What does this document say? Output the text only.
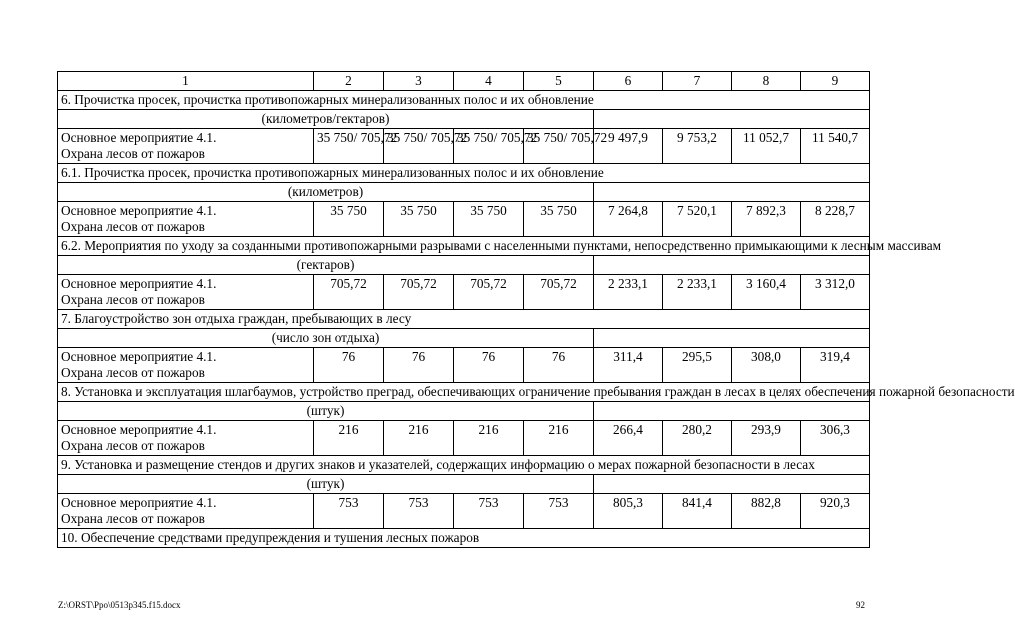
1	2	3	4	5	6	7	8	9
6. Прочистка просек, прочистка противопожарных минерализованных полос и их обновление								
(километров/гектаров)								
Основное мероприятие 4.1.
Охрана лесов от пожаров	35 750/ 705,72	35 750/ 705,72	35 750/ 705,72	35 750/ 705,72	9 497,9	9 753,2	11 052,7	11 540,7
6.1. Прочистка просек, прочистка противопожарных минерализованных полос и их обновление								
(километров)								
Основное мероприятие 4.1.
Охрана лесов от пожаров	35 750	35 750	35 750	35 750	7 264,8	7 520,1	7 892,3	8 228,7
6.2. Мероприятия по уходу за созданными противопожарными разрывами с населенными пунктами, непосредственно примыкающими к лесным массивам								
(гектаров)								
Основное мероприятие 4.1.
Охрана лесов от пожаров	705,72	705,72	705,72	705,72	2 233,1	2 233,1	3 160,4	3 312,0
7. Благоустройство зон отдыха граждан, пребывающих в лесу								
(число зон отдыха)								
Основное мероприятие 4.1.
Охрана лесов от пожаров	76	76	76	76	311,4	295,5	308,0	319,4
8. Установка и эксплуатация шлагбаумов, устройство преград, обеспечивающих ограничение пребывания граждан в лесах в целях обеспечения пожарной безопасности								
(штук)								
Основное мероприятие 4.1.
Охрана лесов от пожаров	216	216	216	216	266,4	280,2	293,9	306,3
9. Установка и размещение стендов и других знаков и указателей, содержащих информацию о мерах пожарной безопасности в лесах								
(штук)								
Основное мероприятие 4.1.
Охрана лесов от пожаров	753	753	753	753	805,3	841,4	882,8	920,3
10. Обеспечение средствами предупреждения и тушения лесных пожаров								
Z:\ORST\Ppo\0513p345.f15.docx	92
